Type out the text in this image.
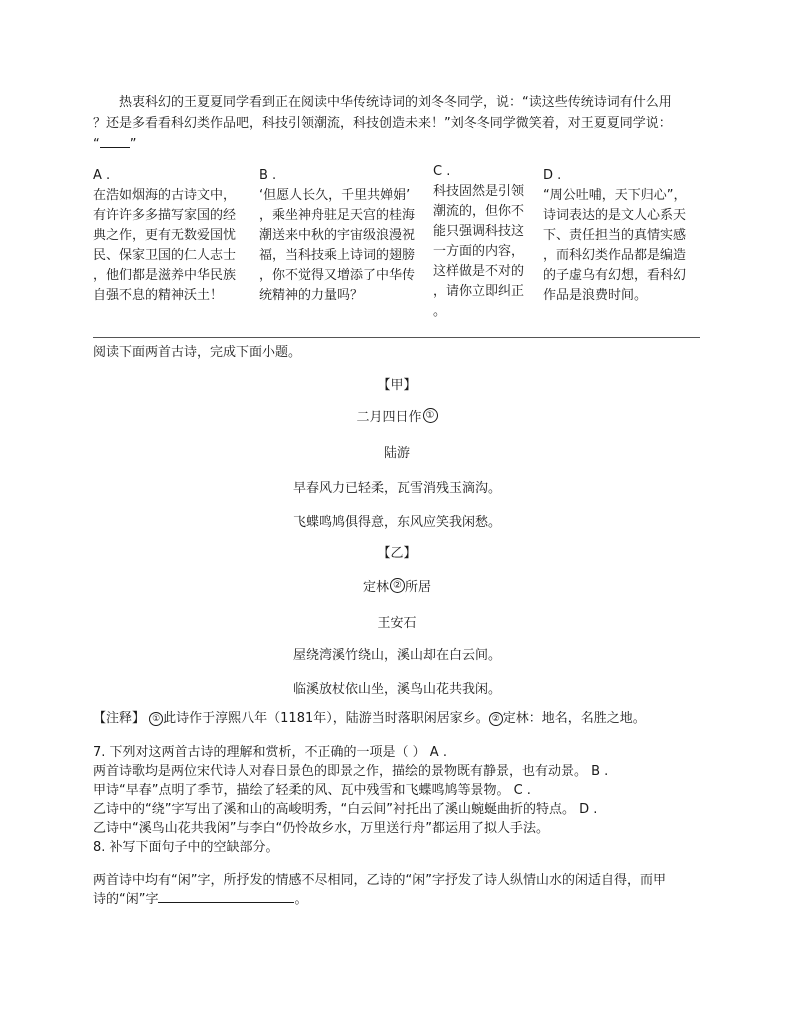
热衷科幻的王夏夏同学看到正在阅读中华传统诗词的刘冬冬同学，说：“读这些传统诗词有什么用
？还是多看看科幻类作品吧，科技引领潮流，科技创造未来！”刘冬冬同学微笑着，对王夏夏同学说：
“ ”
A .
在浩如烟海的古诗文中，
有许许多多描写家国的经
典之作，更有无数爱国忧
民、保家卫国的仁人志士
，他们都是滋养中华民族
自强不息的精神沃土！
B .
‘但愿人长久，千里共婵娟’
，乘坐神舟驻足天宫的桂海
潮送来中秋的宇宙级浪漫祝
福，当科技乘上诗词的翅膀
，你不觉得又增添了中华传
统精神的力量吗？
C .
科技固然是引领
潮流的，但你不
能只强调科技这
一方面的内容，
这样做是不对的
，请你立即纠正
。
D .
“周公吐哺，天下归心”，
诗词表达的是文人心系天
下、责任担当的真情实感
，而科幻类作品都是编造
的子虚乌有幻想，看科幻
作品是浪费时间。
阅读下面两首古诗，完成下面小题。
【甲】
二月四日作 ①
陆游
早春风力已轻柔，瓦雪消残玉滴沟。
飞蝶鸣鸠俱得意，东风应笑我闲愁。
【乙】
定林 ② 所居
王安石
屋绕湾溪竹绕山，溪山却在白云间。
临溪放杖依山坐，溪鸟山花共我闲。
【注释】 ① 此诗作于淳熙八年（1181年），陆游当时落职闲居家乡。 ② 定林：地名，名胜之地。
7. 下列对这两首古诗的理解和赏析，不正确的一项是（ ） A .
两首诗歌均是两位宋代诗人对春日景色的即景之作，描绘的景物既有静景，也有动景。 B .
甲诗“早春”点明了季节，描绘了轻柔的风、瓦中残雪和飞蝶鸣鸠等景物。 C .
乙诗中的“绕”字写出了溪和山的高峻明秀，“白云间”衬托出了溪山蜿蜒曲折的特点。 D .
乙诗中“溪鸟山花共我闲”与李白“仍怜故乡水，万里送行舟”都运用了拟人手法。
8. 补写下面句子中的空缺部分。
两首诗中均有“闲”字，所抒发的情感不尽相同，乙诗的“闲”字抒发了诗人纵情山水的闲适自得，而甲
诗的“闲”字	。
